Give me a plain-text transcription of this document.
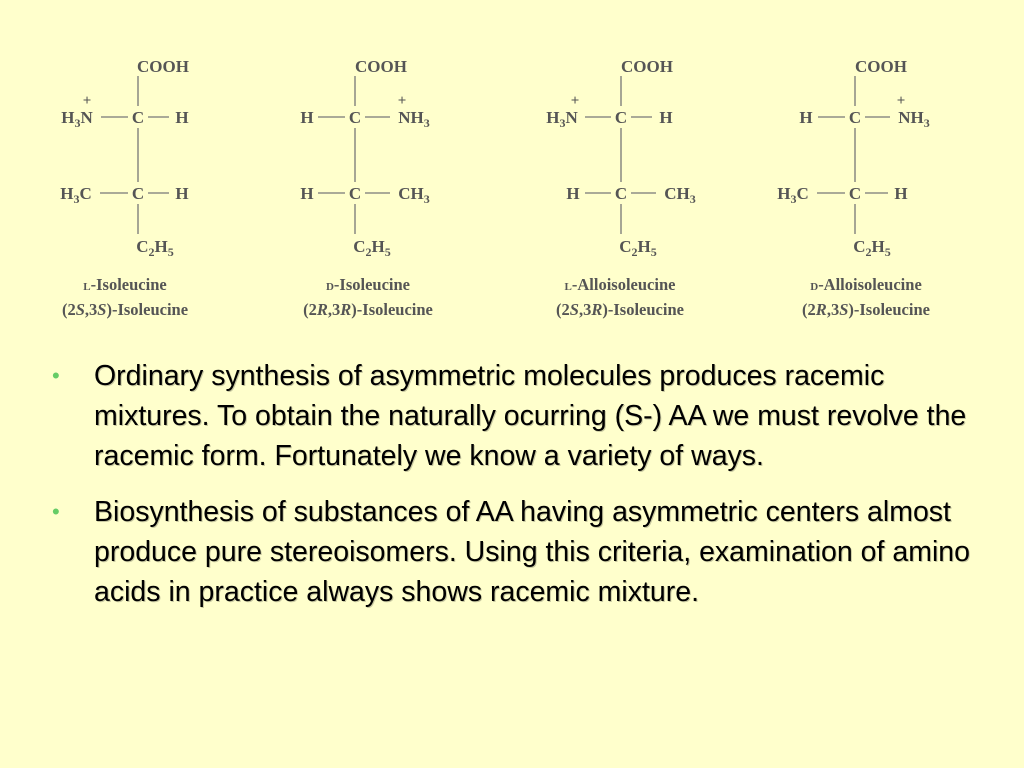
COOH
+
$H_3N$ C H
$H_3C$ C H
$C_2H_5$
L-Isoleucine
(2S,3S)-Isoleucine
COOH
+
H C $NH_3$
H C $CH_3$
$C_2H_5$
D-Isoleucine
(2R,3R)-Isoleucine
COOH
+
$H_3N$ C H
H C $CH_3$
$C_2H_5$
L-Alloisoleucine
(2S,3R)-Isoleucine
COOH
+
H C $NH_3$
$H_3C$ C H
$C_2H_5$
D-Alloisoleucine
(2R,3S)-Isoleucine
• Ordinary synthesis of asymmetric molecules produces racemic mixtures. To obtain the naturally ocurring (S-) AA we must revolve the racemic form. Fortunately we know a variety of ways.
• Biosynthesis of substances of AA having asymmetric centers almost produce pure stereoisomers. Using this criteria, examination of amino acids in practice always shows racemic mixture.
